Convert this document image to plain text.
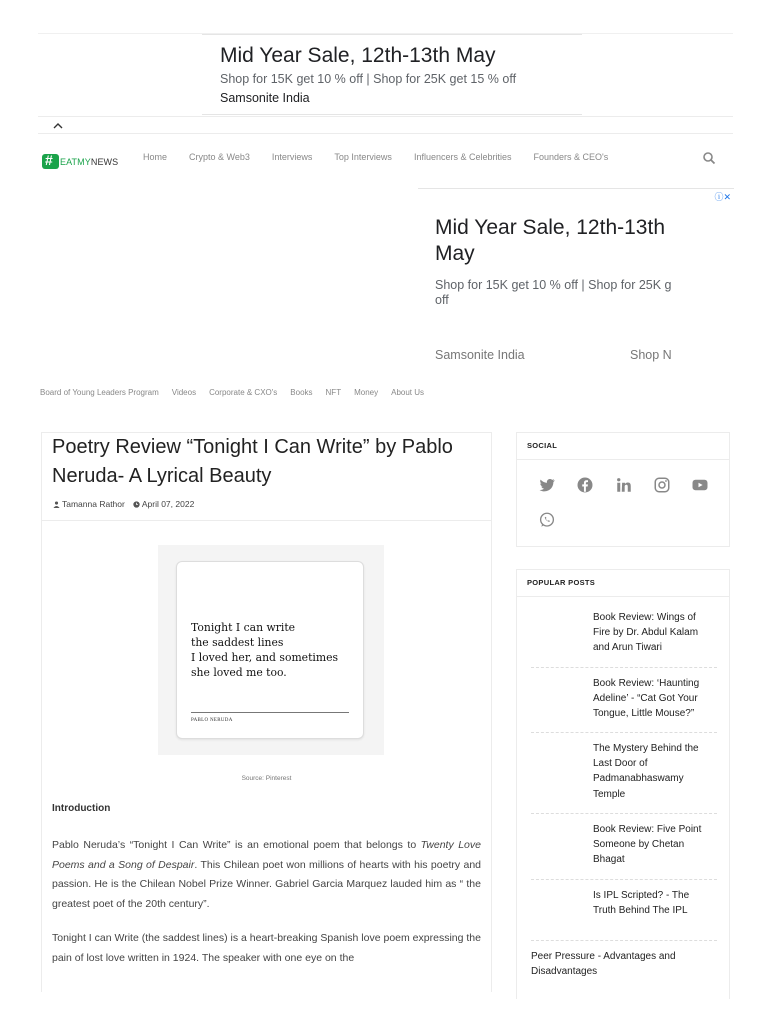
Mid Year Sale, 12th-13th May
Shop for 15K get 10 % off | Shop for 25K get 15 % off
Samsonite India
#
EATMYNEWS	Home Crypto & Web3 Interviews Top Interviews Influencers & Celebrities Founders & CEO's
ⓘ✕
Mid Year Sale, 12th-13th May
Shop for 15K get 10 % off | Shop for 25K g off
Samsonite India	Shop N
Board of Young Leaders Program Videos Corporate & CXO's Books NFT Money About Us
Poetry Review “Tonight I Can Write” by Pablo Neruda- A Lyrical Beauty
Tamanna Rathor April 07, 2022
Tonight I can write
the saddest lines
I loved her, and sometimes
she loved me too.
PABLO NERUDA
Source: Pinterest
Introduction

Pablo Neruda’s “Tonight I Can Write” is an emotional poem that belongs to Twenty Love Poems and a Song of Despair. This Chilean poet won millions of hearts with his poetry and passion. He is the Chilean Nobel Prize Winner. Gabriel Garcia Marquez lauded him as “ the greatest poet of the 20th century”.

Tonight I can Write (the saddest lines) is a heart-breaking Spanish love poem expressing the pain of lost love written in 1924. The speaker with one eye on the

SOCIAL
POPULAR POSTS
Book Review: Wings of Fire by Dr. Abdul Kalam and Arun Tiwari
Book Review: ‘Haunting Adeline’ - “Cat Got Your Tongue, Little Mouse?”
The Mystery Behind the Last Door of Padmanabhaswamy Temple
Book Review: Five Point Someone by Chetan Bhagat
Is IPL Scripted? - The Truth Behind The IPL
Peer Pressure - Advantages and Disadvantages
